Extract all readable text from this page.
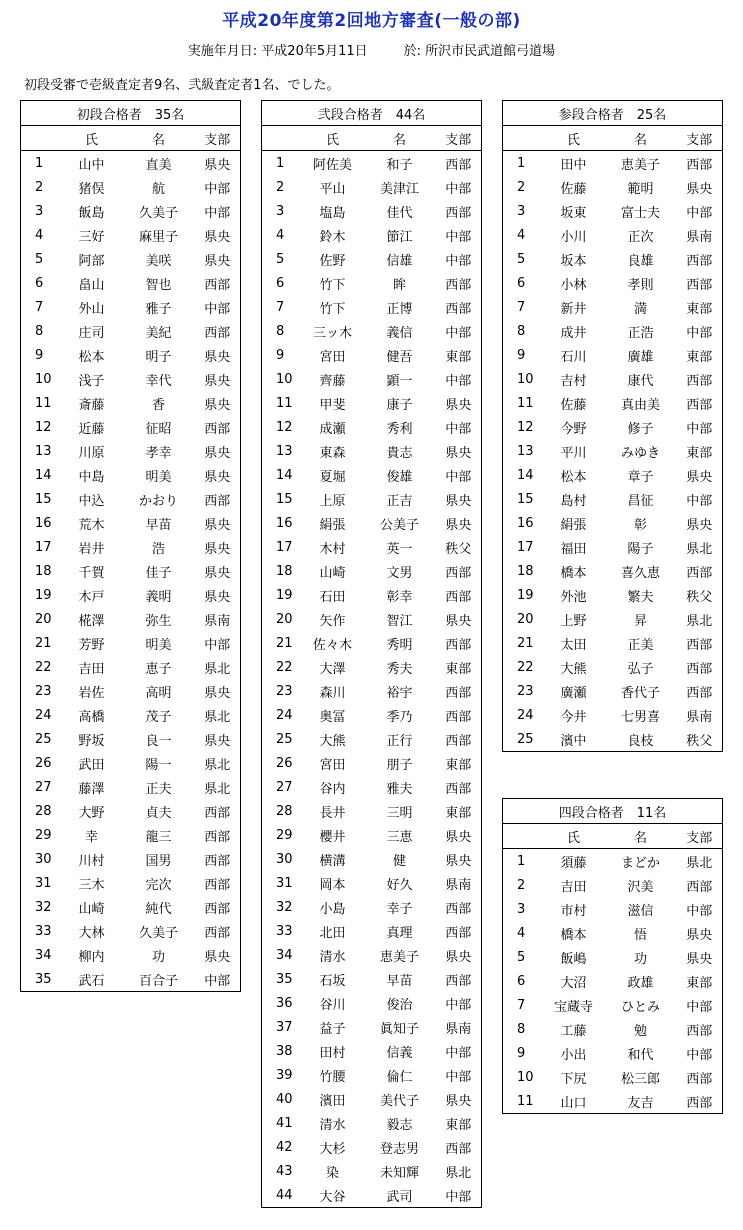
平成20年度第2回地方審査(一般の部)
実施年月日: 平成20年5月11日	於: 所沢市民武道館弓道場
初段受審で壱級査定者9名、弐級査定者1名、でした。
初段合格者　35名			
	氏	名	支部
1	山中	直美	県央
2	猪俣	航	中部
3	飯島	久美子	中部
4	三好	麻里子	県央
5	阿部	美咲	県央
6	畠山	智也	西部
7	外山	雅子	中部
8	庄司	美紀	西部
9	松本	明子	県央
10	浅子	幸代	県央
11	斎藤	香	県央
12	近藤	征昭	西部
13	川原	孝幸	県央
14	中島	明美	県央
15	中込	かおり	西部
16	荒木	早苗	県央
17	岩井	浩	県央
18	千賀	佳子	県央
19	木戸	義明	県央
20	椛澤	弥生	県南
21	芳野	明美	中部
22	吉田	恵子	県北
23	岩佐	高明	県央
24	高橋	茂子	県北
25	野坂	良一	県央
26	武田	陽一	県北
27	藤澤	正夫	県北
28	大野	貞夫	西部
29	幸	龍三	西部
30	川村	国男	西部
31	三木	完次	西部
32	山崎	純代	西部
33	大林	久美子	西部
34	柳内	功	県央
35	武石	百合子	中部
弐段合格者　44名			
	氏	名	支部
1	阿佐美	和子	西部
2	平山	美津江	中部
3	塩島	佳代	西部
4	鈴木	節江	中部
5	佐野	信雄	中部
6	竹下	眸	西部
7	竹下	正博	西部
8	三ッ木	義信	中部
9	宮田	健吾	東部
10	齊藤	顕一	中部
11	甲斐	康子	県央
12	成瀬	秀利	中部
13	東森	貴志	県央
14	夏堀	俊雄	中部
15	上原	正吉	県央
16	絹張	公美子	県央
17	木村	英一	秩父
18	山崎	文男	西部
19	石田	彰幸	西部
20	矢作	智江	県央
21	佐々木	秀明	西部
22	大澤	秀夫	東部
23	森川	裕宇	西部
24	奥冨	季乃	西部
25	大熊	正行	西部
26	宮田	朋子	東部
27	谷内	雅夫	西部
28	長井	三明	東部
29	櫻井	三恵	県央
30	横溝	健	県央
31	岡本	好久	県南
32	小島	幸子	西部
33	北田	真理	西部
34	清水	恵美子	県央
35	石坂	早苗	西部
36	谷川	俊治	中部
37	益子	眞知子	県南
38	田村	信義	中部
39	竹腰	倫仁	中部
40	濱田	美代子	県央
41	清水	毅志	東部
42	大杉	登志男	西部
43	染	未知輝	県北
44	大谷	武司	中部
参段合格者　25名			
	氏	名	支部
1	田中	恵美子	西部
2	佐藤	範明	県央
3	坂東	富士夫	中部
4	小川	正次	県南
5	坂本	良雄	西部
6	小林	孝則	西部
7	新井	満	東部
8	成井	正浩	中部
9	石川	廣雄	東部
10	吉村	康代	西部
11	佐藤	真由美	西部
12	今野	修子	中部
13	平川	みゆき	東部
14	松本	章子	県央
15	島村	昌征	中部
16	絹張	彰	県央
17	福田	陽子	県北
18	橋本	喜久恵	西部
19	外池	繁夫	秩父
20	上野	昇	県北
21	太田	正美	西部
22	大熊	弘子	西部
23	廣瀬	香代子	西部
24	今井	七男喜	県南
25	濱中	良枝	秩父
四段合格者　11名			
	氏	名	支部
1	須藤	まどか	県北
2	吉田	沢美	西部
3	市村	滋信	中部
4	橋本	悟	県央
5	飯嶋	功	県央
6	大沼	政雄	東部
7	宝蔵寺	ひとみ	中部
8	工藤	勉	西部
9	小出	和代	中部
10	下尻	松三郎	西部
11	山口	友吉	西部
